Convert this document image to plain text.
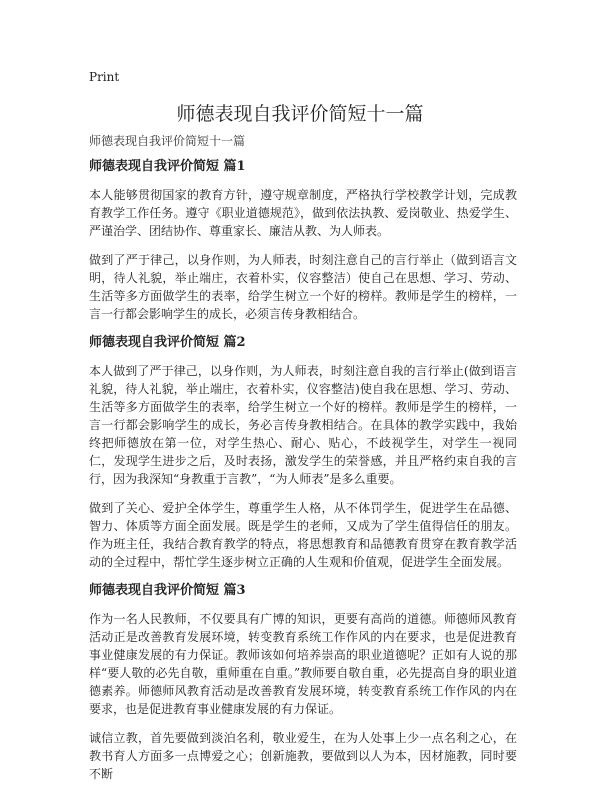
Print
师德表现自我评价简短十一篇
师德表现自我评价简短十一篇
师德表现自我评价简短 篇1

本人能够贯彻国家的教育方针，遵守规章制度，严格执行学校教学计划，完成教育教学工作任务。遵守《职业道德规范》，做到依法执教、爱岗敬业、热爱学生、严谨治学、团结协作、尊重家长、廉洁从教、为人师表。

做到了严于律己，以身作则，为人师表，时刻注意自己的言行举止（做到语言文明，待人礼貌，举止端庄，衣着朴实，仪容整洁）使自己在思想、学习、劳动、生活等多方面做学生的表率，给学生树立一个好的榜样。教师是学生的榜样，一言一行都会影响学生的成长，必须言传身教相结合。

师德表现自我评价简短 篇2

本人做到了严于律己，以身作则，为人师表，时刻注意自我的言行举止(做到语言礼貌，待人礼貌，举止端庄，衣着朴实，仪容整洁)使自我在思想、学习、劳动、生活等多方面做学生的表率，给学生树立一个好的榜样。教师是学生的榜样，一言一行都会影响学生的成长，务必言传身教相结合。在具体的教学实践中，我始终把师德放在第一位，对学生热心、耐心、贴心，不歧视学生，对学生一视同仁，发现学生进步之后，及时表扬，激发学生的荣誉感，并且严格约束自我的言行，因为我深知“身教重于言教”，“为人师表”是多么重要。

做到了关心、爱护全体学生，尊重学生人格，从不体罚学生，促进学生在品德、智力、体质等方面全面发展。既是学生的老师，又成为了学生值得信任的朋友。作为班主任，我结合教育教学的特点，将思想教育和品德教育贯穿在教育教学活动的全过程中，帮忙学生逐步树立正确的人生观和价值观，促进学生全面发展。

师德表现自我评价简短 篇3

作为一名人民教师，不仅要具有广博的知识，更要有高尚的道德。师德师风教育活动正是改善教育发展环境，转变教育系统工作作风的内在要求，也是促进教育事业健康发展的有力保证。教师该如何培养崇高的职业道德呢？正如有人说的那样“要人敬的必先自敬，重师重在自重。”教师要自敬自重，必先提高自身的职业道德素养。师德师风教育活动是改善教育发展环境，转变教育系统工作作风的内在要求，也是促进教育事业健康发展的有力保证。

诚信立教，首先要做到淡泊名利，敬业爱生，在为人处事上少一点名利之心，在教书育人方面多一点博爱之心；创新施教，要做到以人为本，因材施教，同时要不断
